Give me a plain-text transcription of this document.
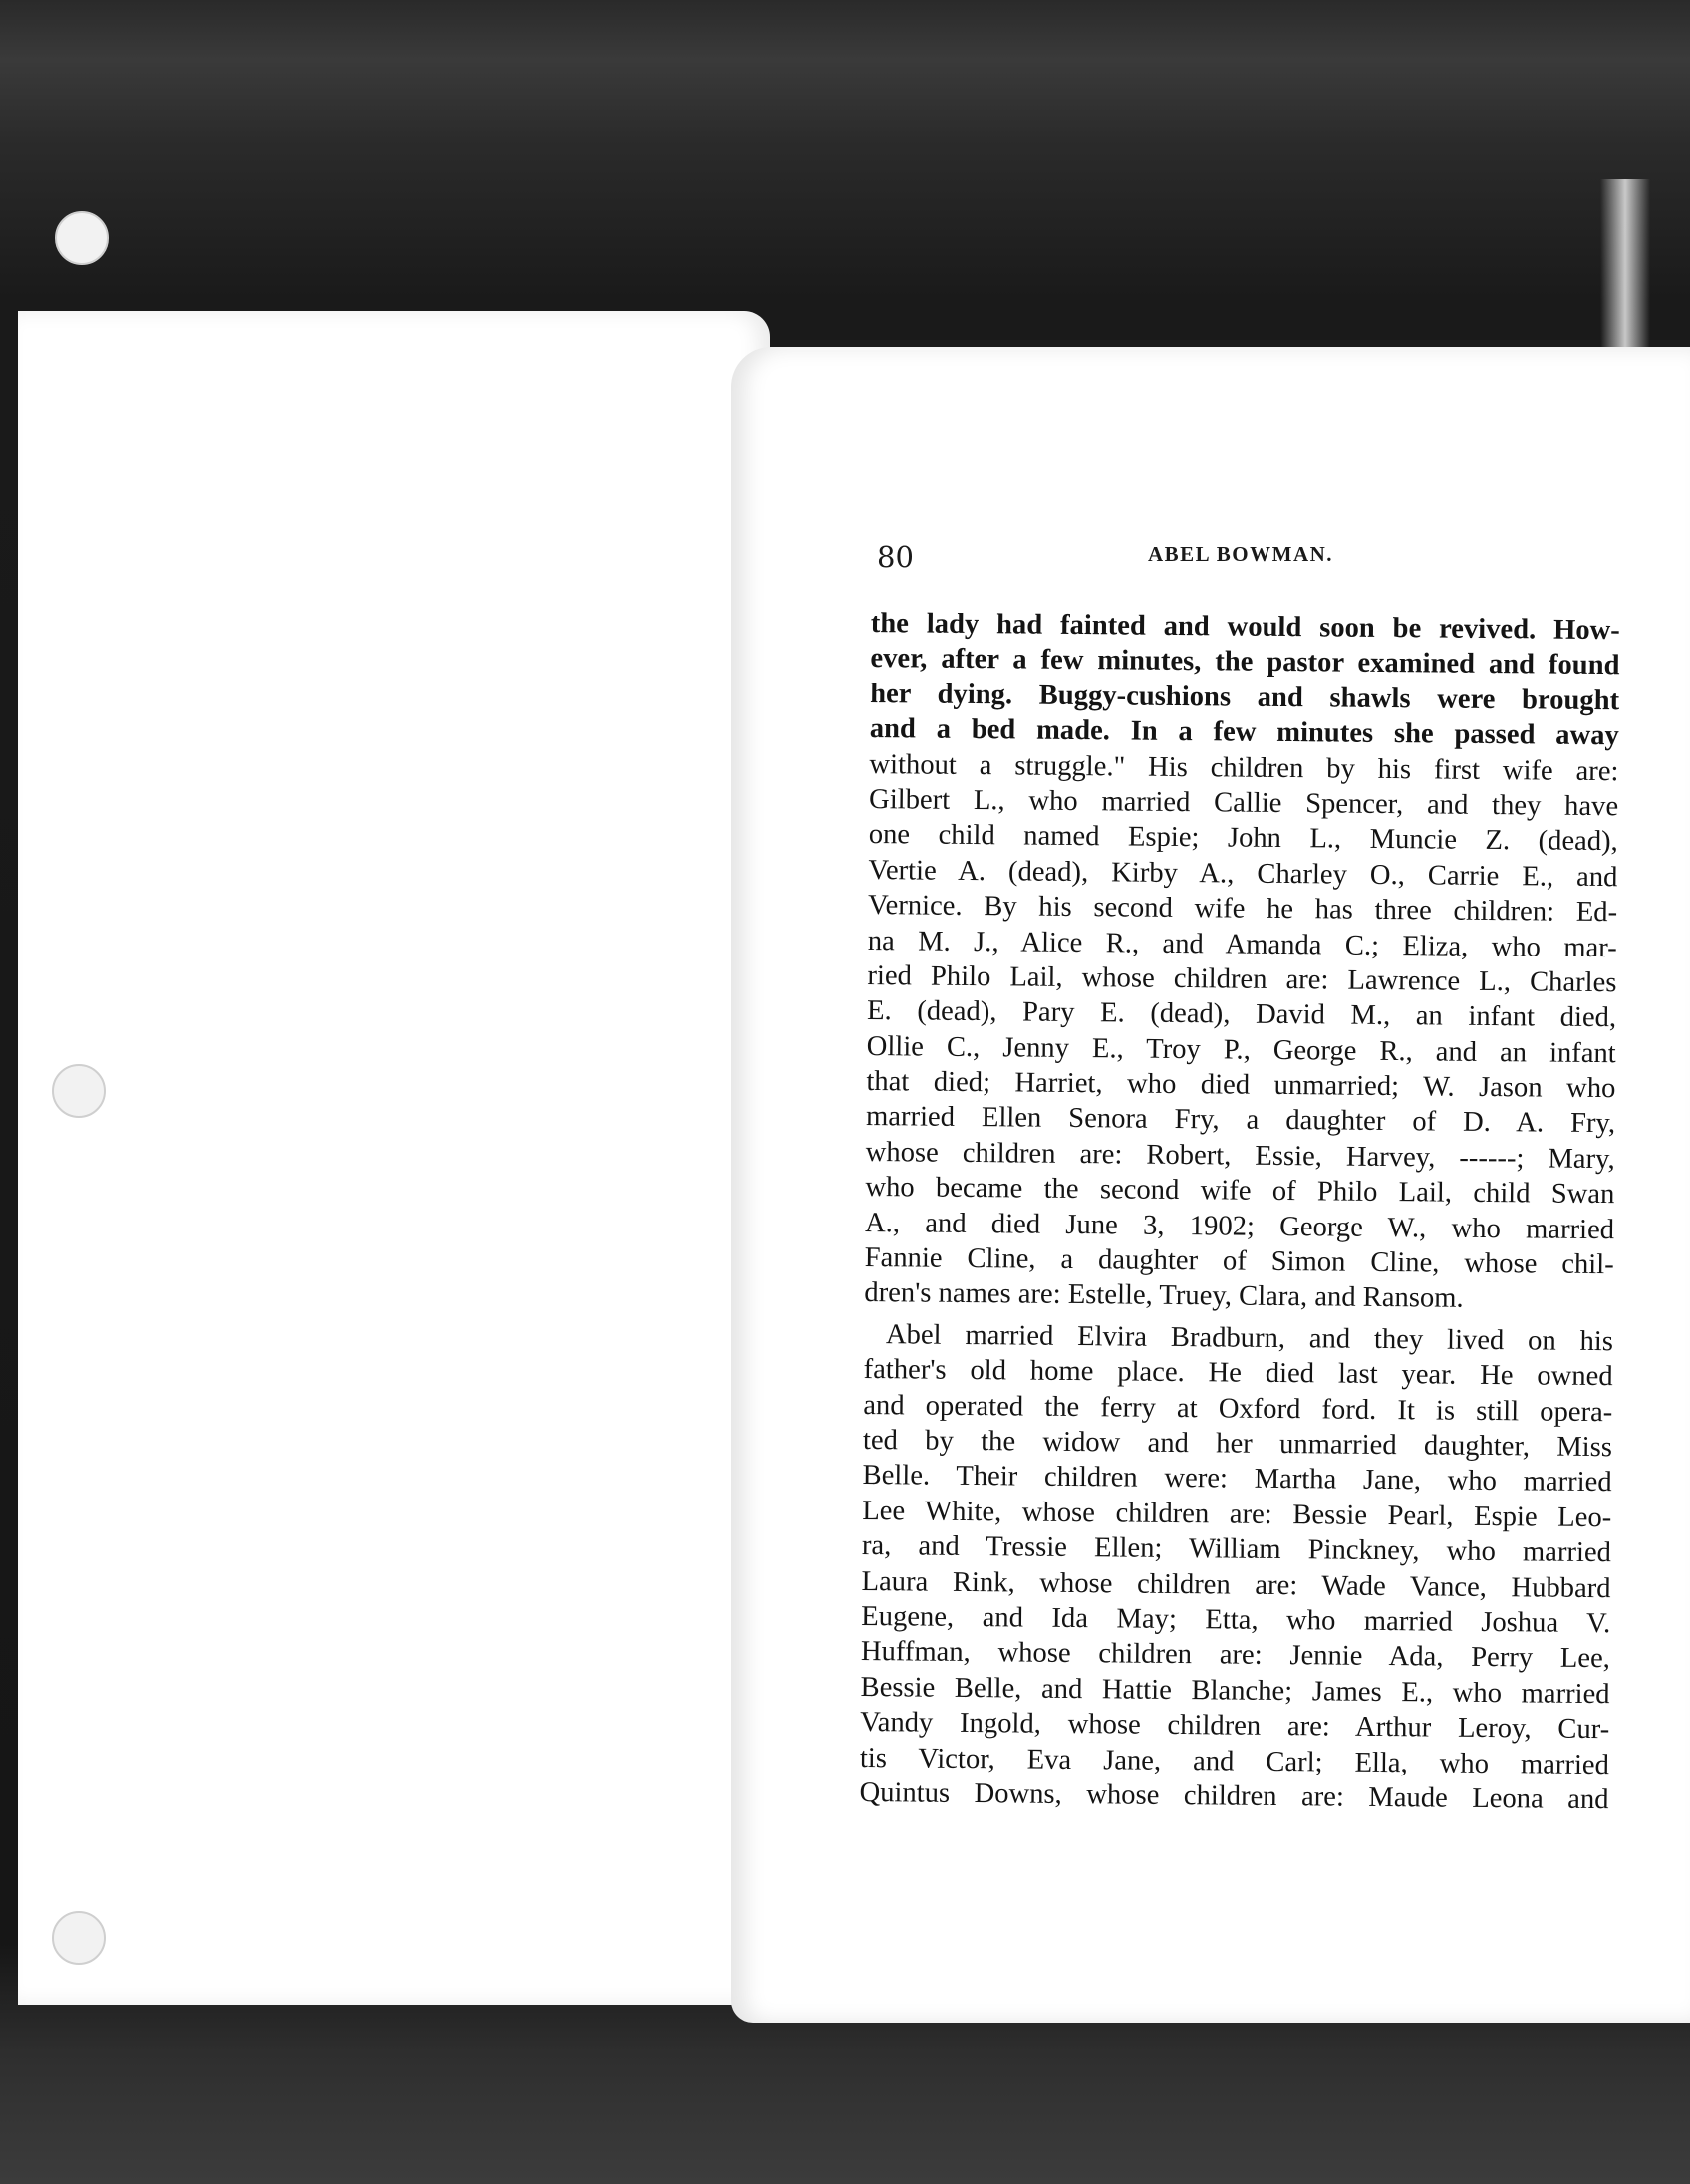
80	ABEL BOWMAN.
the lady had fainted and would soon be revived. How-
ever, after a few minutes, the pastor examined and found
her dying. Buggy-cushions and shawls were brought
and a bed made. In a few minutes she passed away
without a struggle." His children by his first wife are:
Gilbert L., who married Callie Spencer, and they have
one child named Espie; John L., Muncie Z. (dead),
Vertie A. (dead), Kirby A., Charley O., Carrie E., and
Vernice. By his second wife he has three children: Ed-
na M. J., Alice R., and Amanda C.; Eliza, who mar-
ried Philo Lail, whose children are: Lawrence L., Charles
E. (dead), Pary E. (dead), David M., an infant died,
Ollie C., Jenny E., Troy P., George R., and an infant
that died; Harriet, who died unmarried; W. Jason who
married Ellen Senora Fry, a daughter of D. A. Fry,
whose children are: Robert, Essie, Harvey, ------; Mary,
who became the second wife of Philo Lail, child Swan
A., and died June 3, 1902; George W., who married
Fannie Cline, a daughter of Simon Cline, whose chil-
dren's names are: Estelle, Truey, Clara, and Ransom.
Abel married Elvira Bradburn, and they lived on his
father's old home place. He died last year. He owned
and operated the ferry at Oxford ford. It is still opera-
ted by the widow and her unmarried daughter, Miss
Belle. Their children were: Martha Jane, who married
Lee White, whose children are: Bessie Pearl, Espie Leo-
ra, and Tressie Ellen; William Pinckney, who married
Laura Rink, whose children are: Wade Vance, Hubbard
Eugene, and Ida May; Etta, who married Joshua V.
Huffman, whose children are: Jennie Ada, Perry Lee,
Bessie Belle, and Hattie Blanche; James E., who married
Vandy Ingold, whose children are: Arthur Leroy, Cur-
tis Victor, Eva Jane, and Carl; Ella, who married
Quintus Downs, whose children are: Maude Leona and
